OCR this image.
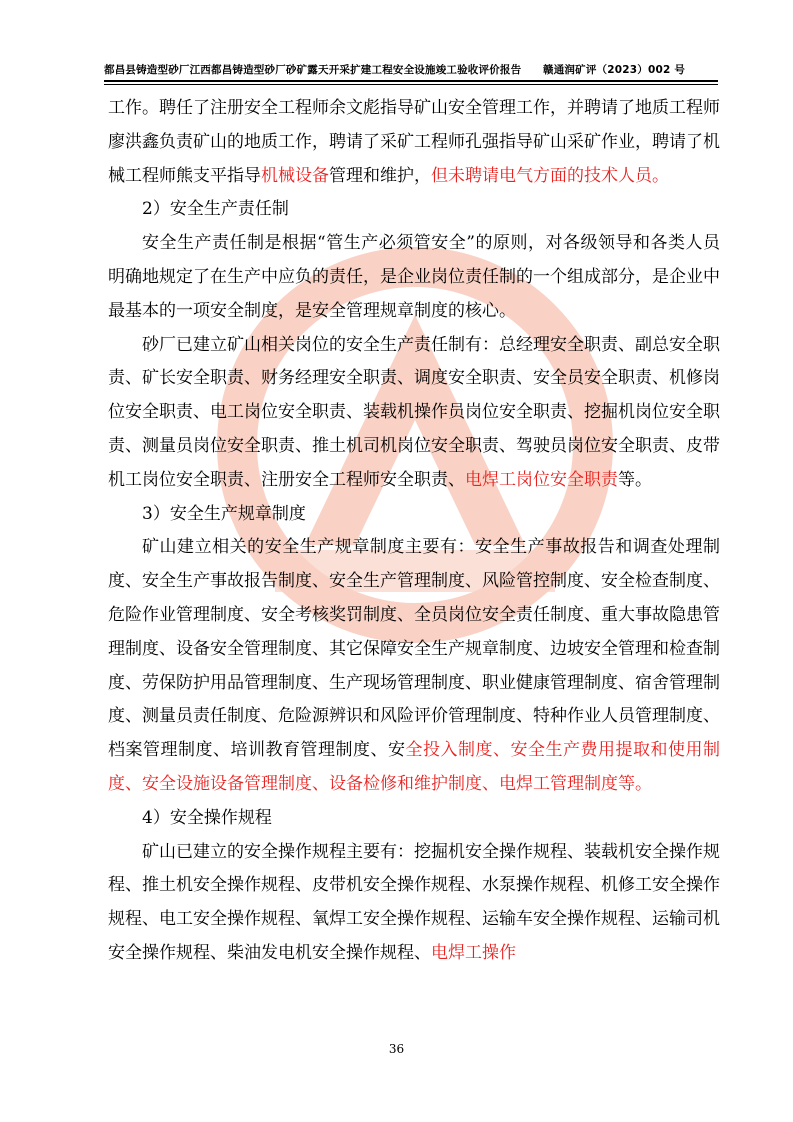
都昌县铸造型砂厂江西都昌铸造型砂厂砂矿露天开采扩建工程安全设施竣工验收评价报告 赣通润矿评（2023）002 号

工作。聘任了注册安全工程师余文彪指导矿山安全管理工作，并聘请了地质工程师廖洪鑫负责矿山的地质工作，聘请了采矿工程师孔强指导矿山采矿作业，聘请了机械工程师熊支平指导机械设备管理和维护，但未聘请电气方面的技术人员。

2）安全生产责任制

安全生产责任制是根据“管生产必须管安全”的原则，对各级领导和各类人员明确地规定了在生产中应负的责任，是企业岗位责任制的一个组成部分，是企业中最基本的一项安全制度，是安全管理规章制度的核心。

砂厂已建立矿山相关岗位的安全生产责任制有：总经理安全职责、副总安全职责、矿长安全职责、财务经理安全职责、调度安全职责、安全员安全职责、机修岗位安全职责、电工岗位安全职责、装载机操作员岗位安全职责、挖掘机岗位安全职责、测量员岗位安全职责、推土机司机岗位安全职责、驾驶员岗位安全职责、皮带机工岗位安全职责、注册安全工程师安全职责、电焊工岗位安全职责等。

3）安全生产规章制度

矿山建立相关的安全生产规章制度主要有：安全生产事故报告和调查处理制度、安全生产事故报告制度、安全生产管理制度、风险管控制度、安全检查制度、危险作业管理制度、安全考核奖罚制度、全员岗位安全责任制度、重大事故隐患管理制度、设备安全管理制度、其它保障安全生产规章制度、边坡安全管理和检查制度、劳保防护用品管理制度、生产现场管理制度、职业健康管理制度、宿舍管理制度、测量员责任制度、危险源辨识和风险评价管理制度、特种作业人员管理制度、档案管理制度、培训教育管理制度、安全投入制度、安全生产费用提取和使用制度、安全设施设备管理制度、设备检修和维护制度、电焊工管理制度等。

4）安全操作规程

矿山已建立的安全操作规程主要有：挖掘机安全操作规程、装载机安全操作规程、推土机安全操作规程、皮带机安全操作规程、水泵操作规程、机修工安全操作规程、电工安全操作规程、氧焊工安全操作规程、运输车安全操作规程、运输司机安全操作规程、柴油发电机安全操作规程、电焊工操作

36
